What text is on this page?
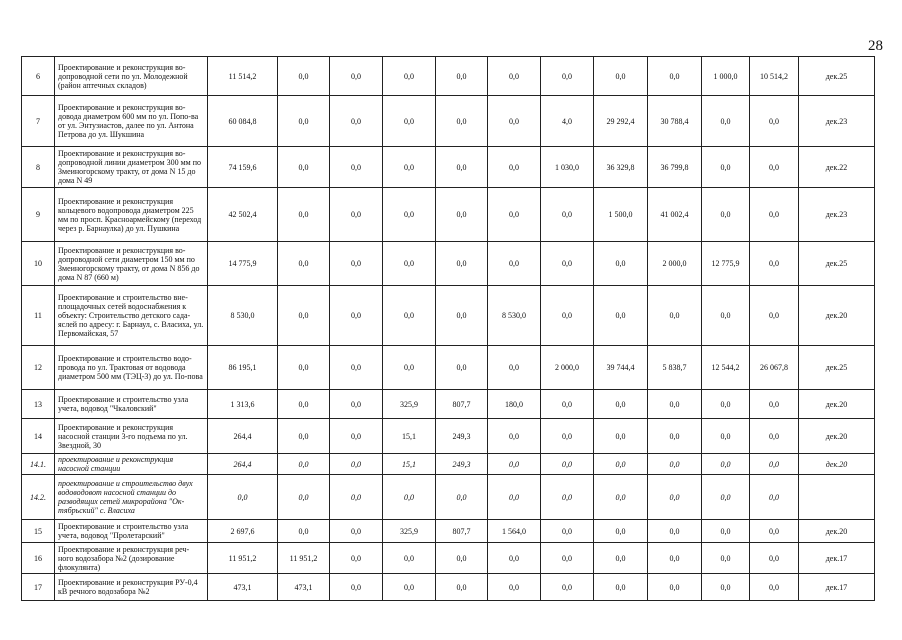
28
6	Проектирование и реконструкция во-допроводной сети по ул. Молодежной (район аптечных складов)	11 514,2	0,0	0,0	0,0	0,0	0,0	0,0	0,0	0,0	1 000,0	10 514,2	дек.25
7	Проектирование и реконструкция во-довода диаметром 600 мм по ул. Попо-ва от ул. Энтузиастов, далее по ул. Антона Петрова до ул. Шукшина	60 084,8	0,0	0,0	0,0	0,0	0,0	4,0	29 292,4	30 788,4	0,0	0,0	дек.23
8	Проектирование и реконструкция во-допроводной линии диаметром 300 мм по Змеиногорскому тракту, от дома N 15 до дома N 49	74 159,6	0,0	0,0	0,0	0,0	0,0	1 030,0	36 329,8	36 799,8	0,0	0,0	дек.22
9	Проектирование и реконструкция кольцевого водопровода диаметром 225 мм по просп. Красноармейскому (переход через р. Барнаулка) до ул. Пушкина	42 502,4	0,0	0,0	0,0	0,0	0,0	0,0	1 500,0	41 002,4	0,0	0,0	дек.23
10	Проектирование и реконструкция во-допроводной сети диаметром 150 мм по Змеиногорскому тракту, от дома N 856 до дома N 87 (660 м)	14 775,9	0,0	0,0	0,0	0,0	0,0	0,0	0,0	2 000,0	12 775,9	0,0	дек.25
11	Проектирование и строительство вне-площадочных сетей водоснабжения к объекту: Строительство детского сада-яслей по адресу: г. Барнаул, с. Власиха, ул. Первомайская, 57	8 530,0	0,0	0,0	0,0	0,0	8 530,0	0,0	0,0	0,0	0,0	0,0	дек.20
12	Проектирование и строительство водо-провода по ул. Трактовая от водовода диаметром 500 мм (ТЭЦ-3) до ул. По-пова	86 195,1	0,0	0,0	0,0	0,0	0,0	2 000,0	39 744,4	5 838,7	12 544,2	26 067,8	дек.25
13	Проектирование и строительство узла учета, водовод "Чкаловский"	1 313,6	0,0	0,0	325,9	807,7	180,0	0,0	0,0	0,0	0,0	0,0	дек.20
14	Проектирование и реконструкция насосной станции 3-го подъема по ул. Звездной, 30	264,4	0,0	0,0	15,1	249,3	0,0	0,0	0,0	0,0	0,0	0,0	дек.20
14.1.	проектирование и реконструкция насосной станции	264,4	0,0	0,0	15,1	249,3	0,0	0,0	0,0	0,0	0,0	0,0	дек.20
14.2.	проектирование и строительство двух водоводовот насосной станции до разводящих сетей микрорайона "Ок-тябрьский" с. Власиха	0,0	0,0	0,0	0,0	0,0	0,0	0,0	0,0	0,0	0,0	0,0	
15	Проектирование и строительство узла учета, водовод "Пролетарский"	2 697,6	0,0	0,0	325,9	807,7	1 564,0	0,0	0,0	0,0	0,0	0,0	дек.20
16	Проектирование и реконструкция реч-ного водозабора №2 (дозирование флокулянта)	11 951,2	11 951,2	0,0	0,0	0,0	0,0	0,0	0,0	0,0	0,0	0,0	дек.17
17	Проектирование и реконструкция РУ-0,4 кВ речного водозабора №2	473,1	473,1	0,0	0,0	0,0	0,0	0,0	0,0	0,0	0,0	0,0	дек.17
